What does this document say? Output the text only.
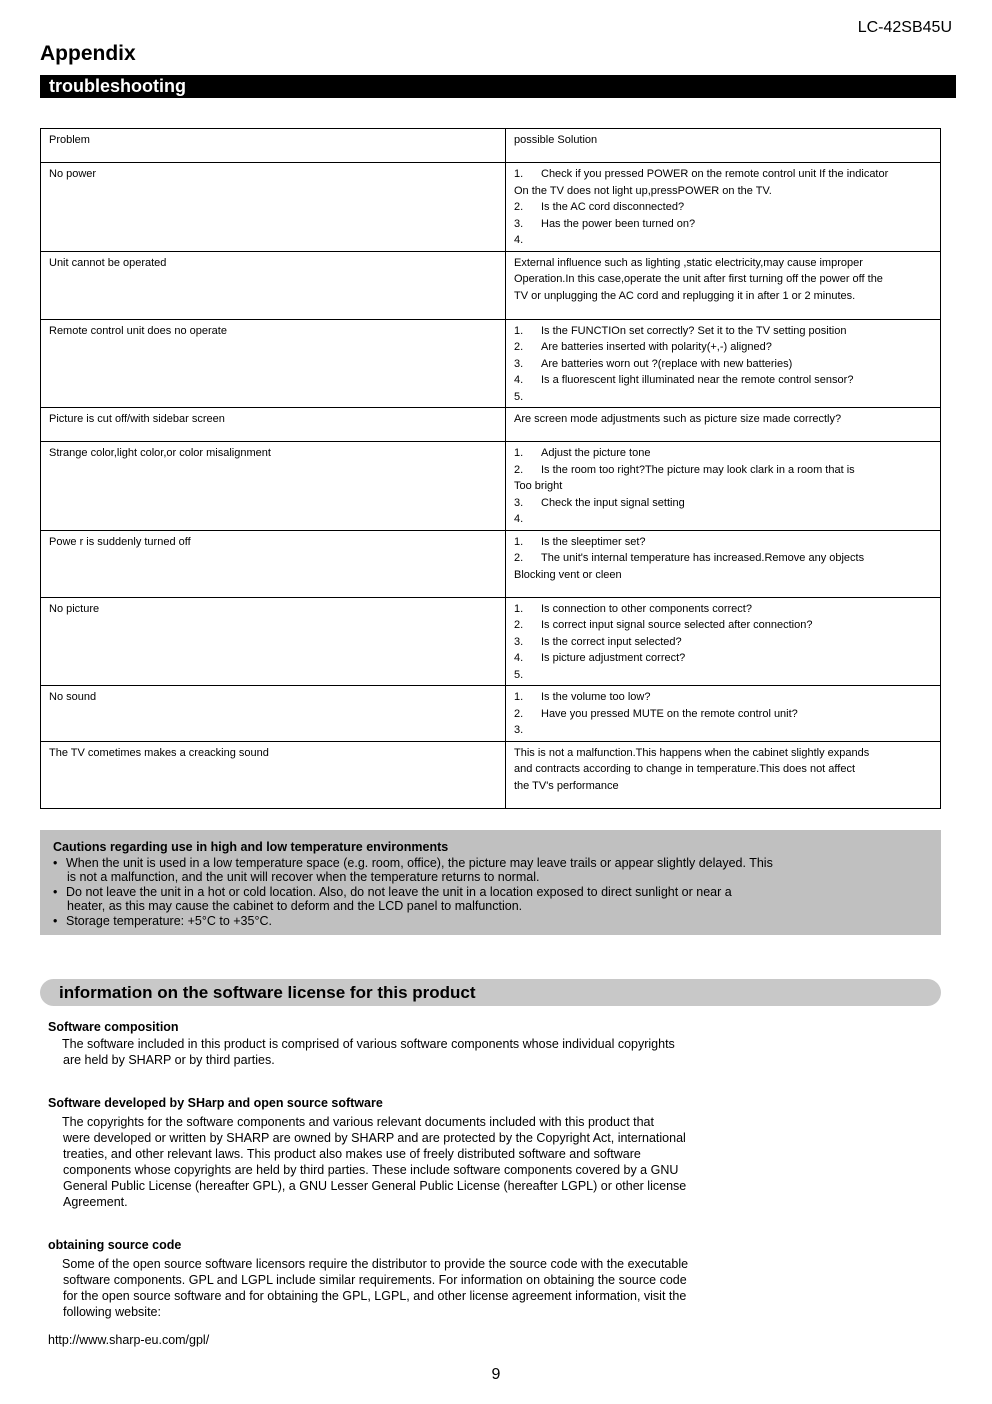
LC-42SB45U
Appendix
troubleshooting
Problem	possible Solution
No power	1. Check if you pressed POWER on the remote control unit If the indicator
On the TV does not light up,pressPOWER on the TV.
2. Is the AC cord disconnected?
3. Has the power been turned on?
4.

Unit cannot be operated	External influence such as lighting ,static electricity,may cause improper
Operation.In this case,operate the unit after first turning off the power off the
TV or unplugging the AC cord and replugging it in after 1 or 2 minutes.

Remote control unit does no operate	1. Is the FUNCTIOn set correctly? Set it to the TV setting position
2. Are batteries inserted with polarity(+,-) aligned?
3. Are batteries worn out ?(replace with new batteries)
4. Is a fluorescent light illuminated near the remote control sensor?
5.

Picture is cut off/with sidebar screen	Are screen mode adjustments such as picture size made correctly?

Strange color,light color,or color misalignment	1. Adjust the picture tone
2. Is the room too right?The picture may look clark in a room that is
Too bright
3. Check the input signal setting
4.

Powe r is suddenly turned off	1. Is the sleeptimer set?
2. The unit's internal temperature has increased.Remove any objects
Blocking vent or cleen

No picture	1. Is connection to other components correct?
2. Is correct input signal source selected after connection?
3. Is the correct input selected?
4. Is picture adjustment correct?
5.

No sound	1. Is the volume too low?
2. Have you pressed MUTE on the remote control unit?
3.

The TV cometimes makes a creacking sound	This is not a malfunction.This happens when the cabinet slightly expands
and contracts according to change in temperature.This does not affect
the TV's performance
Cautions regarding use in high and low temperature environments
• When the unit is used in a low temperature space (e.g. room, office), the picture may leave trails or appear slightly delayed. This
is not a malfunction, and the unit will recover when the temperature returns to normal.
• Do not leave the unit in a hot or cold location. Also, do not leave the unit in a location exposed to direct sunlight or near a
heater, as this may cause the cabinet to deform and the LCD panel to malfunction.
• Storage temperature: +5°C to +35°C.
information on the software license for this product
Software composition
The software included in this product is comprised of various software components whose individual copyrights
are held by SHARP or by third parties.
Software developed by SHarp and open source software
The copyrights for the software components and various relevant documents included with this product that
were developed or written by SHARP are owned by SHARP and are protected by the Copyright Act, international
treaties, and other relevant laws. This product also makes use of freely distributed software and software
components whose copyrights are held by third parties. These include software components covered by a GNU
General Public License (hereafter GPL), a GNU Lesser General Public License (hereafter LGPL) or other license
Agreement.
obtaining source code
Some of the open source software licensors require the distributor to provide the source code with the executable
software components. GPL and LGPL include similar requirements. For information on obtaining the source code
for the open source software and for obtaining the GPL, LGPL, and other license agreement information, visit the
following website:
http://www.sharp-eu.com/gpl/
9
